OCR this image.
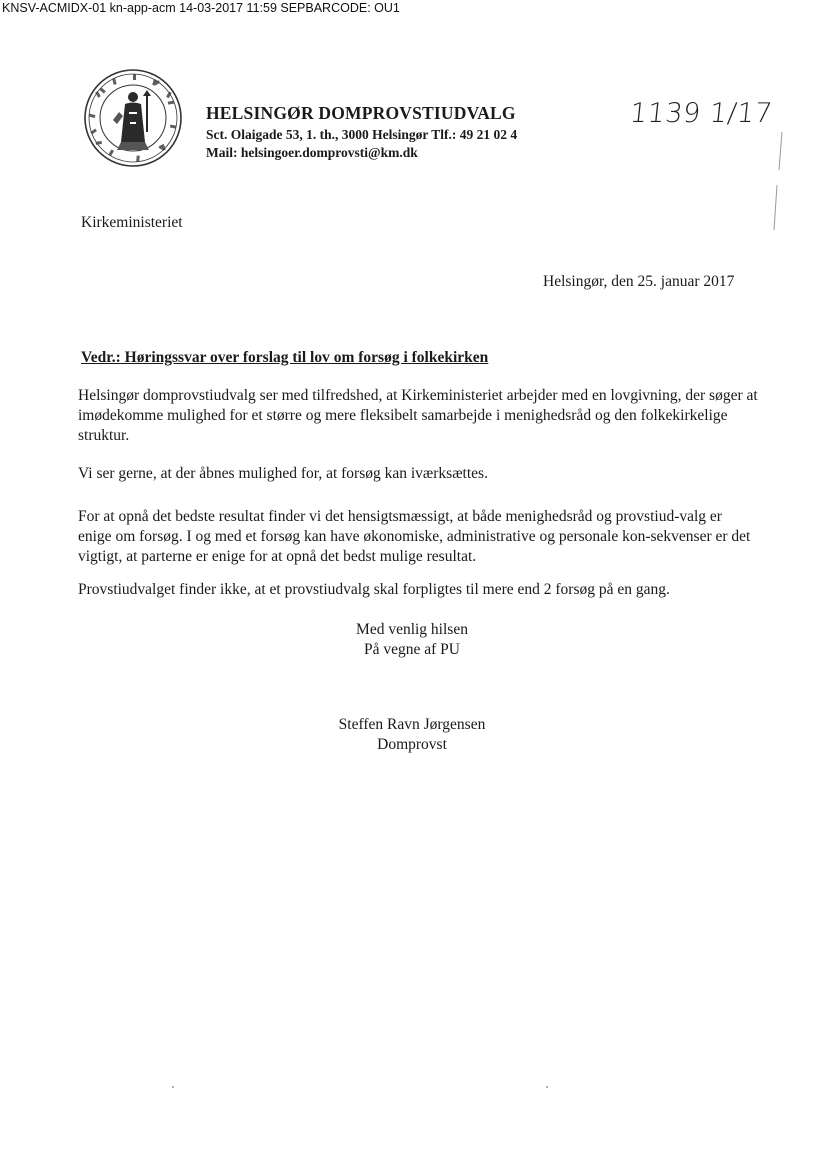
KNSV-ACMIDX-01 kn-app-acm 14-03-2017 11:59 SEPBARCODE: OU1
HELSINGØR DOMPROVSTIUDVALG
Sct. Olaigade 53, 1. th., 3000 Helsingør Tlf.: 49 21 02 4
Mail: helsingoer.domprovsti@km.dk
1139 1/17
Kirkeministeriet
Helsingør, den 25. januar 2017
Vedr.: Høringssvar over forslag til lov om forsøg i folkekirken

Helsingør domprovstiudvalg ser med tilfredshed, at Kirkeministeriet arbejder med en lovgivning, der søger at imødekomme mulighed for et større og mere fleksibelt samarbejde i menighedsråd og den folkekirkelige struktur.

Vi ser gerne, at der åbnes mulighed for, at forsøg kan iværksættes.

For at opnå det bedste resultat finder vi det hensigtsmæssigt, at både menighedsråd og provstiud-valg er enige om forsøg. I og med et forsøg kan have økonomiske, administrative og personale kon-sekvenser er det vigtigt, at parterne er enige for at opnå det bedst mulige resultat.

Provstiudvalget finder ikke, at et provstiudvalg skal forpligtes til mere end 2 forsøg på en gang.

Med venlig hilsen
På vegne af PU
Steffen Ravn Jørgensen
Domprovst
